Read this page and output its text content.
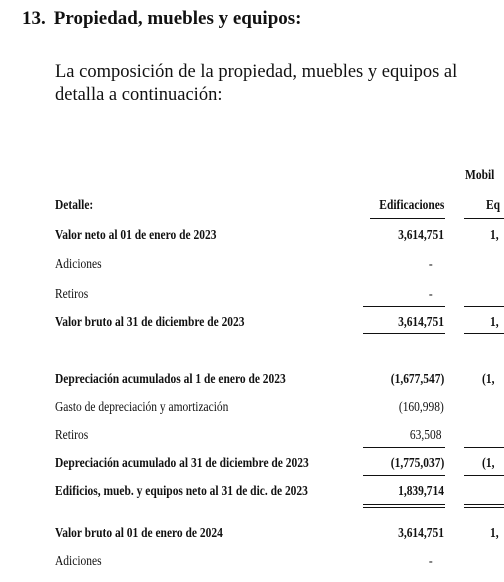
13. Propiedad, muebles y equipos:

La composición de la propiedad, muebles y equipos al
detalla a continuación:

Mobil
Detalle:	Edificaciones	Eq
Valor neto al 01 de enero de 2023	3,614,751	1,
Adiciones	-
Retiros	-
Valor bruto al 31 de diciembre de 2023	3,614,751	1,
Depreciación acumulados al 1 de enero de 2023	(1,677,547)	(1,
Gasto de depreciación y amortización	(160,998)
Retiros	63,508
Depreciación acumulado al 31 de diciembre de 2023	(1,775,037)	(1,
Edificios, mueb. y equipos neto al 31 de dic. de 2023	1,839,714
Valor bruto al 01 de enero de 2024	3,614,751	1,
Adiciones	-
